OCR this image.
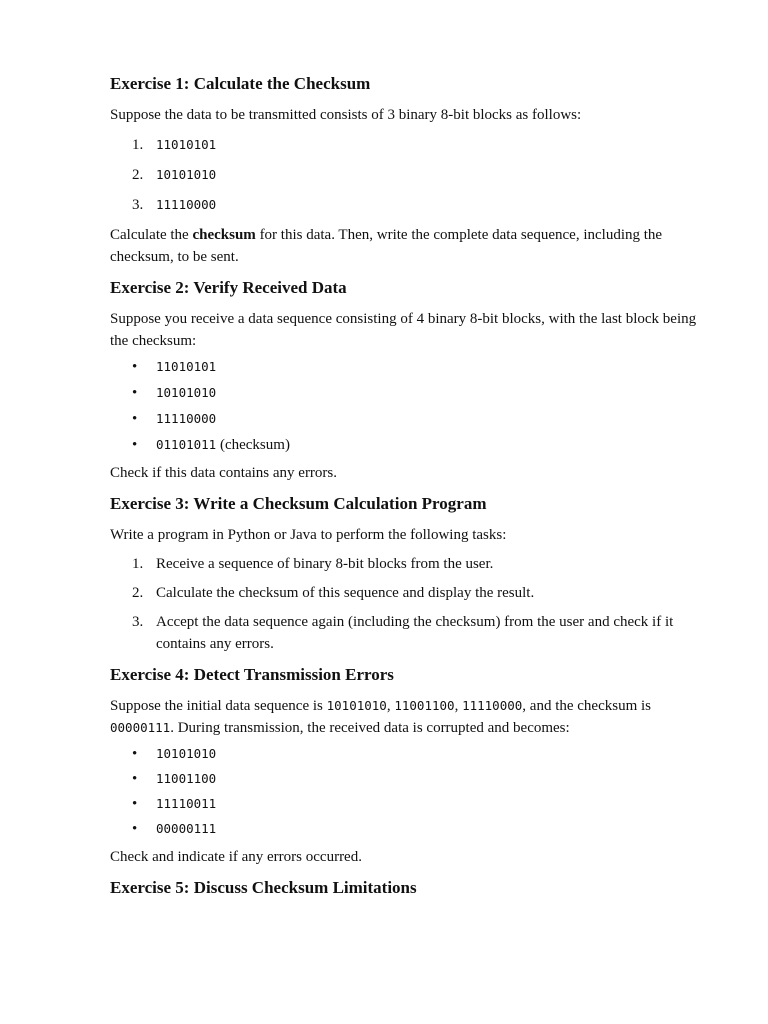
Exercise 1: Calculate the Checksum

Suppose the data to be transmitted consists of 3 binary 8-bit blocks as follows:

1.	11010101
2.	10101010
3.	11110000

Calculate the checksum for this data. Then, write the complete data sequence, including the checksum, to be sent.

Exercise 2: Verify Received Data

Suppose you receive a data sequence consisting of 4 binary 8-bit blocks, with the last block being the checksum:

• 11010101
• 10101010
• 11110000
• 01101011 (checksum)

Check if this data contains any errors.

Exercise 3: Write a Checksum Calculation Program

Write a program in Python or Java to perform the following tasks:

1. Receive a sequence of binary 8-bit blocks from the user.
2. Calculate the checksum of this sequence and display the result.
3. Accept the data sequence again (including the checksum) from the user and check if it contains any errors.
Exercise 4: Detect Transmission Errors

Suppose the initial data sequence is 10101010, 11001100, 11110000, and the checksum is
00000111. During transmission, the received data is corrupted and becomes:

• 10101010
• 11001100
• 11110011
• 00000111

Check and indicate if any errors occurred.

Exercise 5: Discuss Checksum Limitations
